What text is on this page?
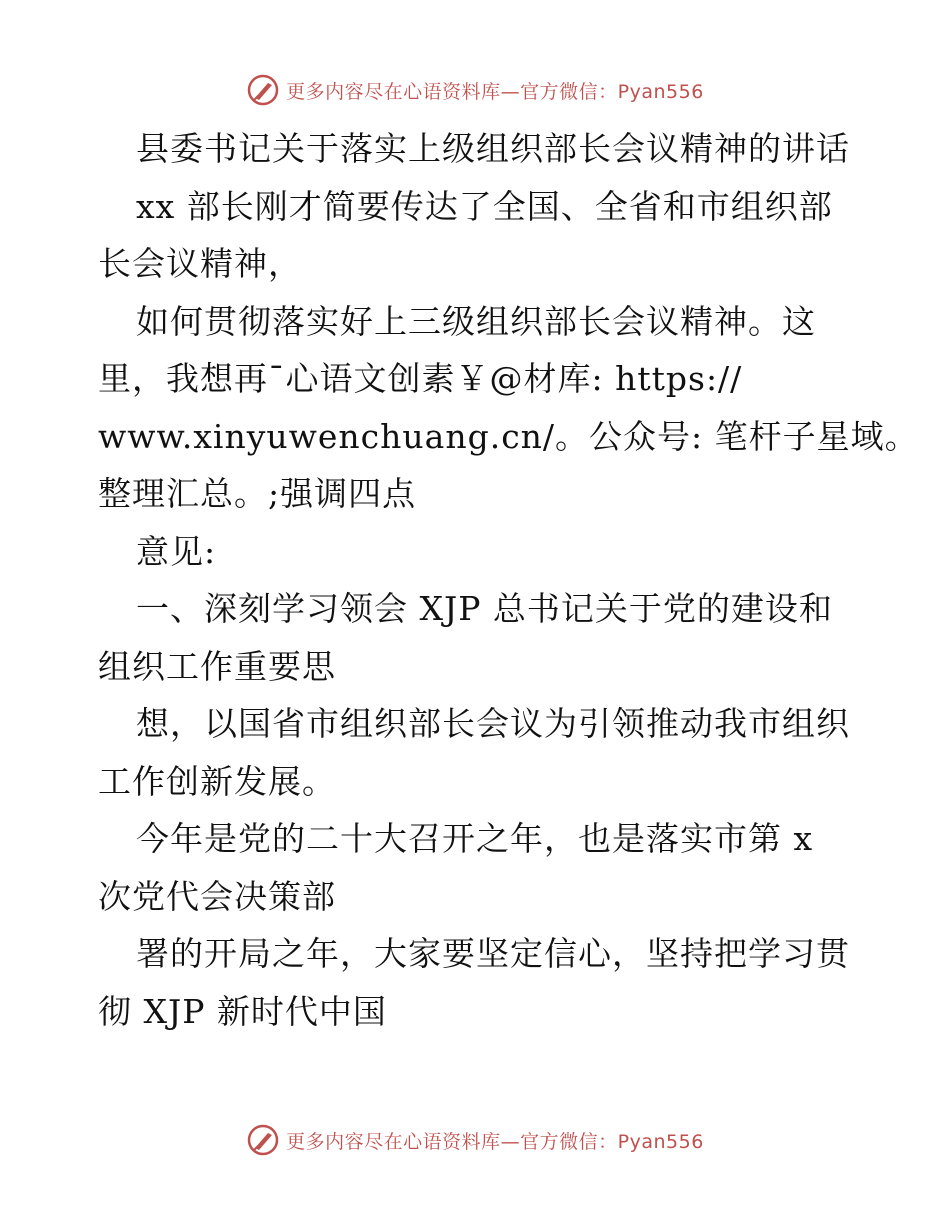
更多内容尽在心语资料库—官方微信：Pyan556
县委书记关于落实上级组织部长会议精神的讲话
xx 部长刚才简要传达了全国、全省和市组织部
长会议精神，
如何贯彻落实好上三级组织部长会议精神。这
里，我想再¯心语文创素￥@材库: https://
www.xinyuwenchuang.cn/。公众号: 笔杆子星域。
整理汇总。;强调四点
意见:
一、深刻学习领会 XJP 总书记关于党的建设和
组织工作重要思
想，以国省市组织部长会议为引领推动我市组织
工作创新发展。
今年是党的二十大召开之年，也是落实市第 x
次党代会决策部
署的开局之年，大家要坚定信心，坚持把学习贯
彻 XJP 新时代中国
更多内容尽在心语资料库—官方微信：Pyan556
